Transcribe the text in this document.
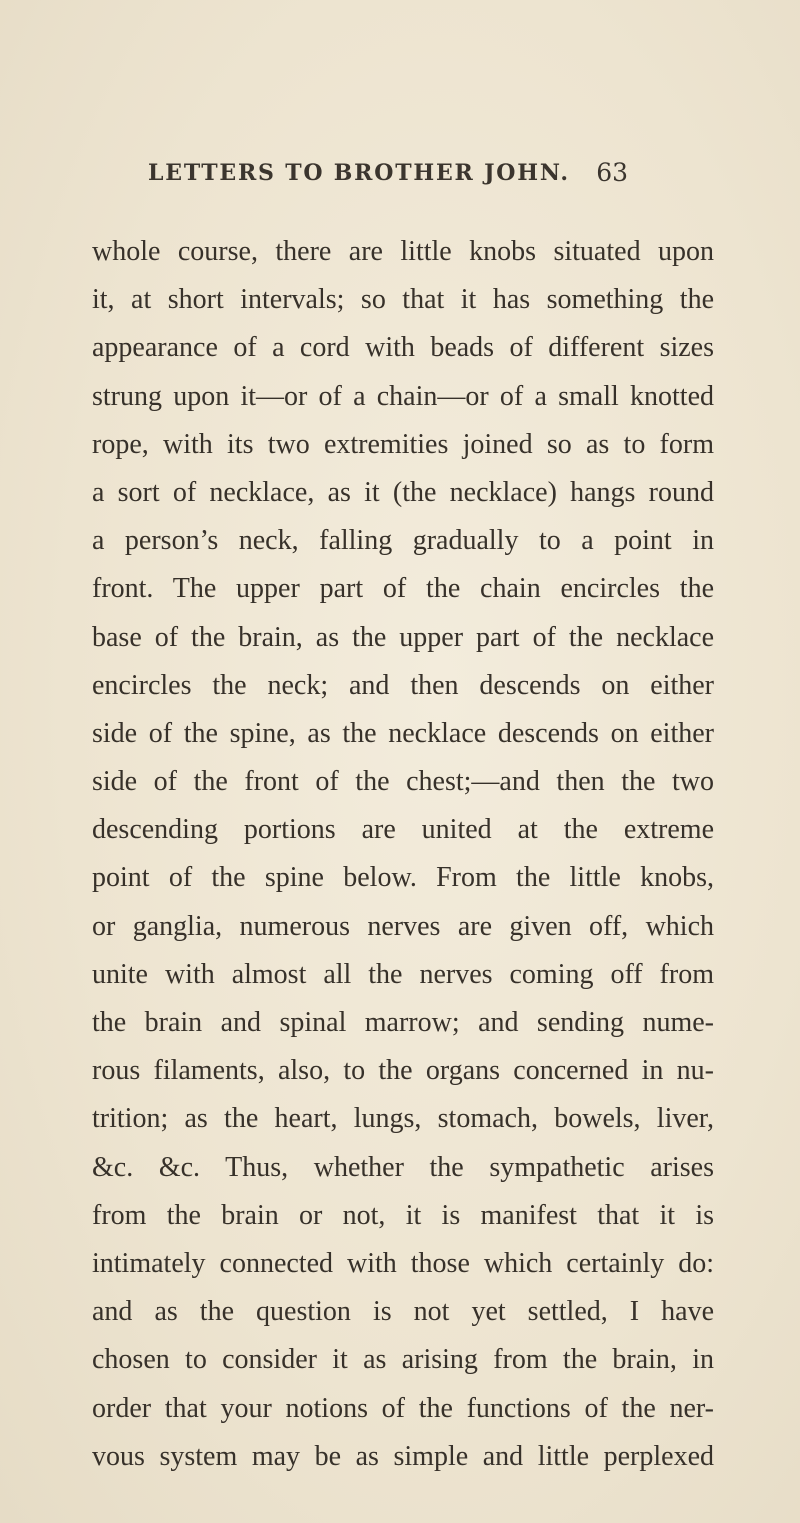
LETTERS TO BROTHER JOHN. 63
whole course, there are little knobs situated upon
it, at short intervals; so that it has something the
appearance of a cord with beads of different sizes
strung upon it—or of a chain—or of a small knotted
rope, with its two extremities joined so as to form
a sort of necklace, as it (the necklace) hangs round
a person’s neck, falling gradually to a point in
front. The upper part of the chain encircles the
base of the brain, as the upper part of the necklace
encircles the neck; and then descends on either
side of the spine, as the necklace descends on either
side of the front of the chest;—and then the two
descending portions are united at the extreme
point of the spine below. From the little knobs,
or ganglia, numerous nerves are given off, which
unite with almost all the nerves coming off from
the brain and spinal marrow; and sending nume-
rous filaments, also, to the organs concerned in nu-
trition; as the heart, lungs, stomach, bowels, liver,
&c. &c. Thus, whether the sympathetic arises
from the brain or not, it is manifest that it is
intimately connected with those which certainly do:
and as the question is not yet settled, I have
chosen to consider it as arising from the brain, in
order that your notions of the functions of the ner-
vous system may be as simple and little perplexed
